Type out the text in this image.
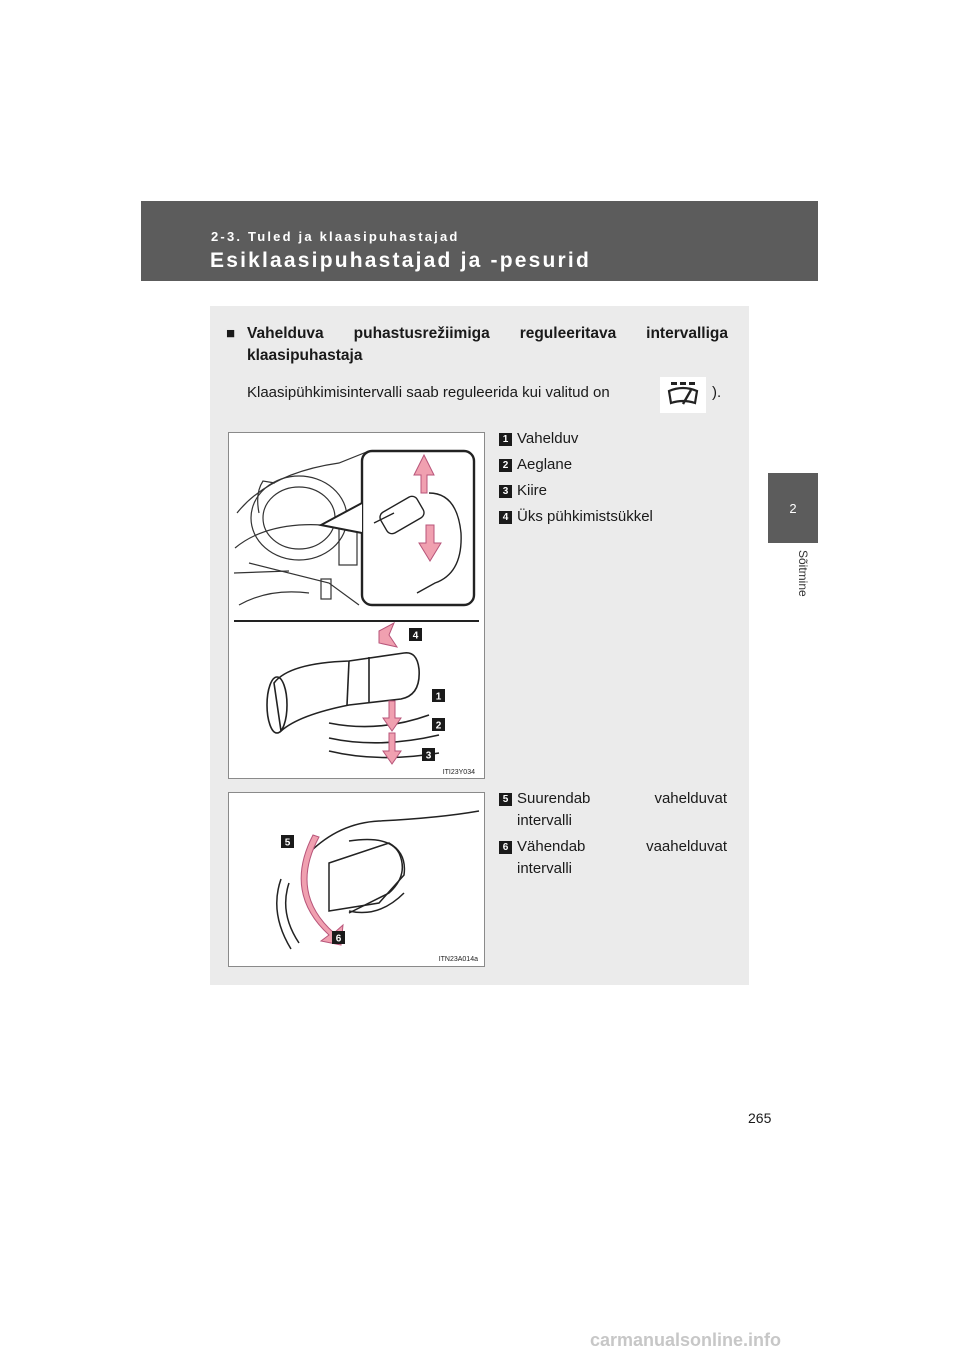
2-3. Tuled ja klaasipuhastajad
Esiklaasipuhastajad ja -pesurid
2
Sõitmine
■ Vahelduva puhastusrežiimiga reguleeritava intervalliga
klaasipuhastaja
Klaasipühkimisintervalli saab reguleerida kui valitud on	).
4
1
2
3
ITI23Y034
5
6
ITN23A014a
1 Vahelduv
2 Aeglane
3 Kiire
4 Üks pühkimistsükkel
5 Suurendab	vahelduvat
intervalli
6 Vähendab	vaahelduvat
intervalli
265
carmanualsonline.info
